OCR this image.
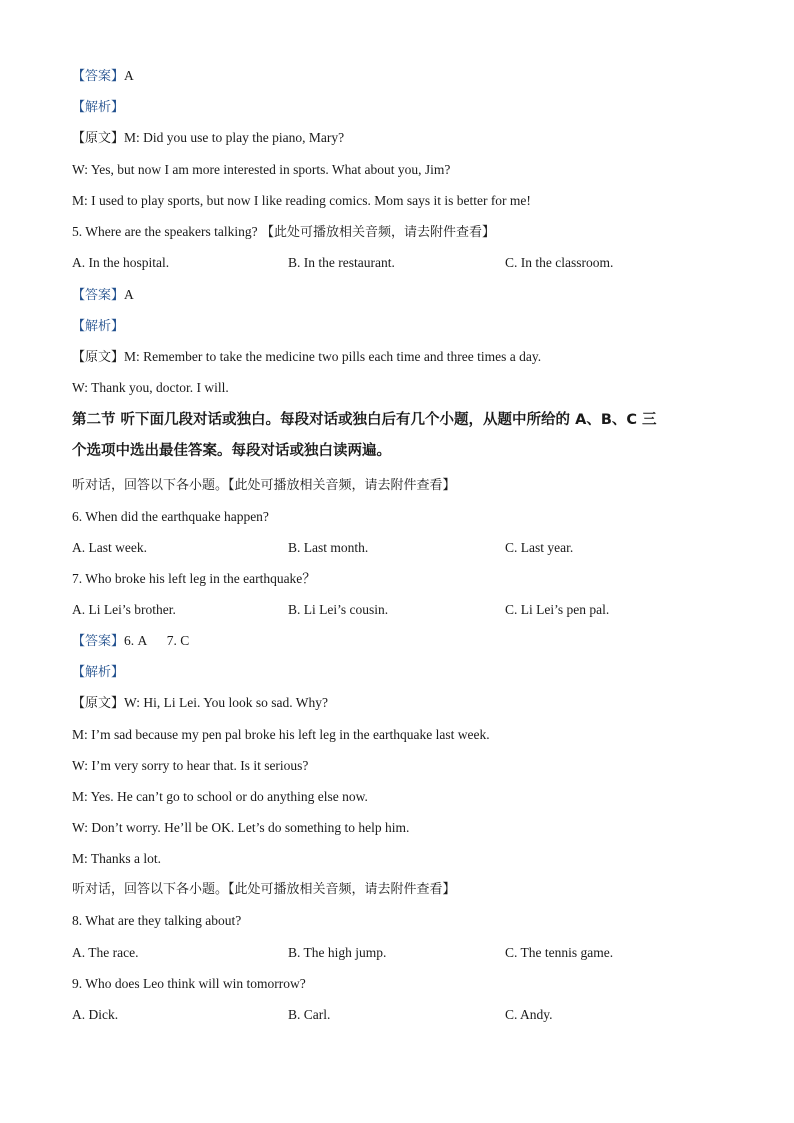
【答案】A
【解析】
【原文】M: Did you use to play the piano, Mary?
W: Yes, but now I am more interested in sports. What about you, Jim?
M: I used to play sports, but now I like reading comics. Mom says it is better for me!
5. Where are the speakers talking? 【此处可播放相关音频，请去附件查看】
A. In the hospital.	B. In the restaurant.	C. In the classroom.
【答案】A
【解析】
【原文】M: Remember to take the medicine two pills each time and three times a day.
W: Thank you, doctor. I will.
第二节 听下面几段对话或独白。每段对话或独白后有几个小题，从题中所给的 A、B、C 三
个选项中选出最佳答案。每段对话或独白读两遍。
听对话，回答以下各小题。【此处可播放相关音频，请去附件查看】
6. When did the earthquake happen?
A. Last week.	B. Last month.	C. Last year.
7. Who broke his left leg in the earthquake？
A. Li Lei’s brother.	B. Li Lei’s cousin.	C. Li Lei’s pen pal.
【答案】6. A      7. C
【解析】
【原文】W: Hi, Li Lei. You look so sad. Why?
M: I’m sad because my pen pal broke his left leg in the earthquake last week.
W: I’m very sorry to hear that. Is it serious?
M: Yes. He can’t go to school or do anything else now.
W: Don’t worry. He’ll be OK. Let’s do something to help him.
M: Thanks a lot.
听对话，回答以下各小题。【此处可播放相关音频，请去附件查看】
8. What are they talking about?
A. The race.	B. The high jump.	C. The tennis game.
9. Who does Leo think will win tomorrow?
A. Dick.	B. Carl.	C. Andy.
